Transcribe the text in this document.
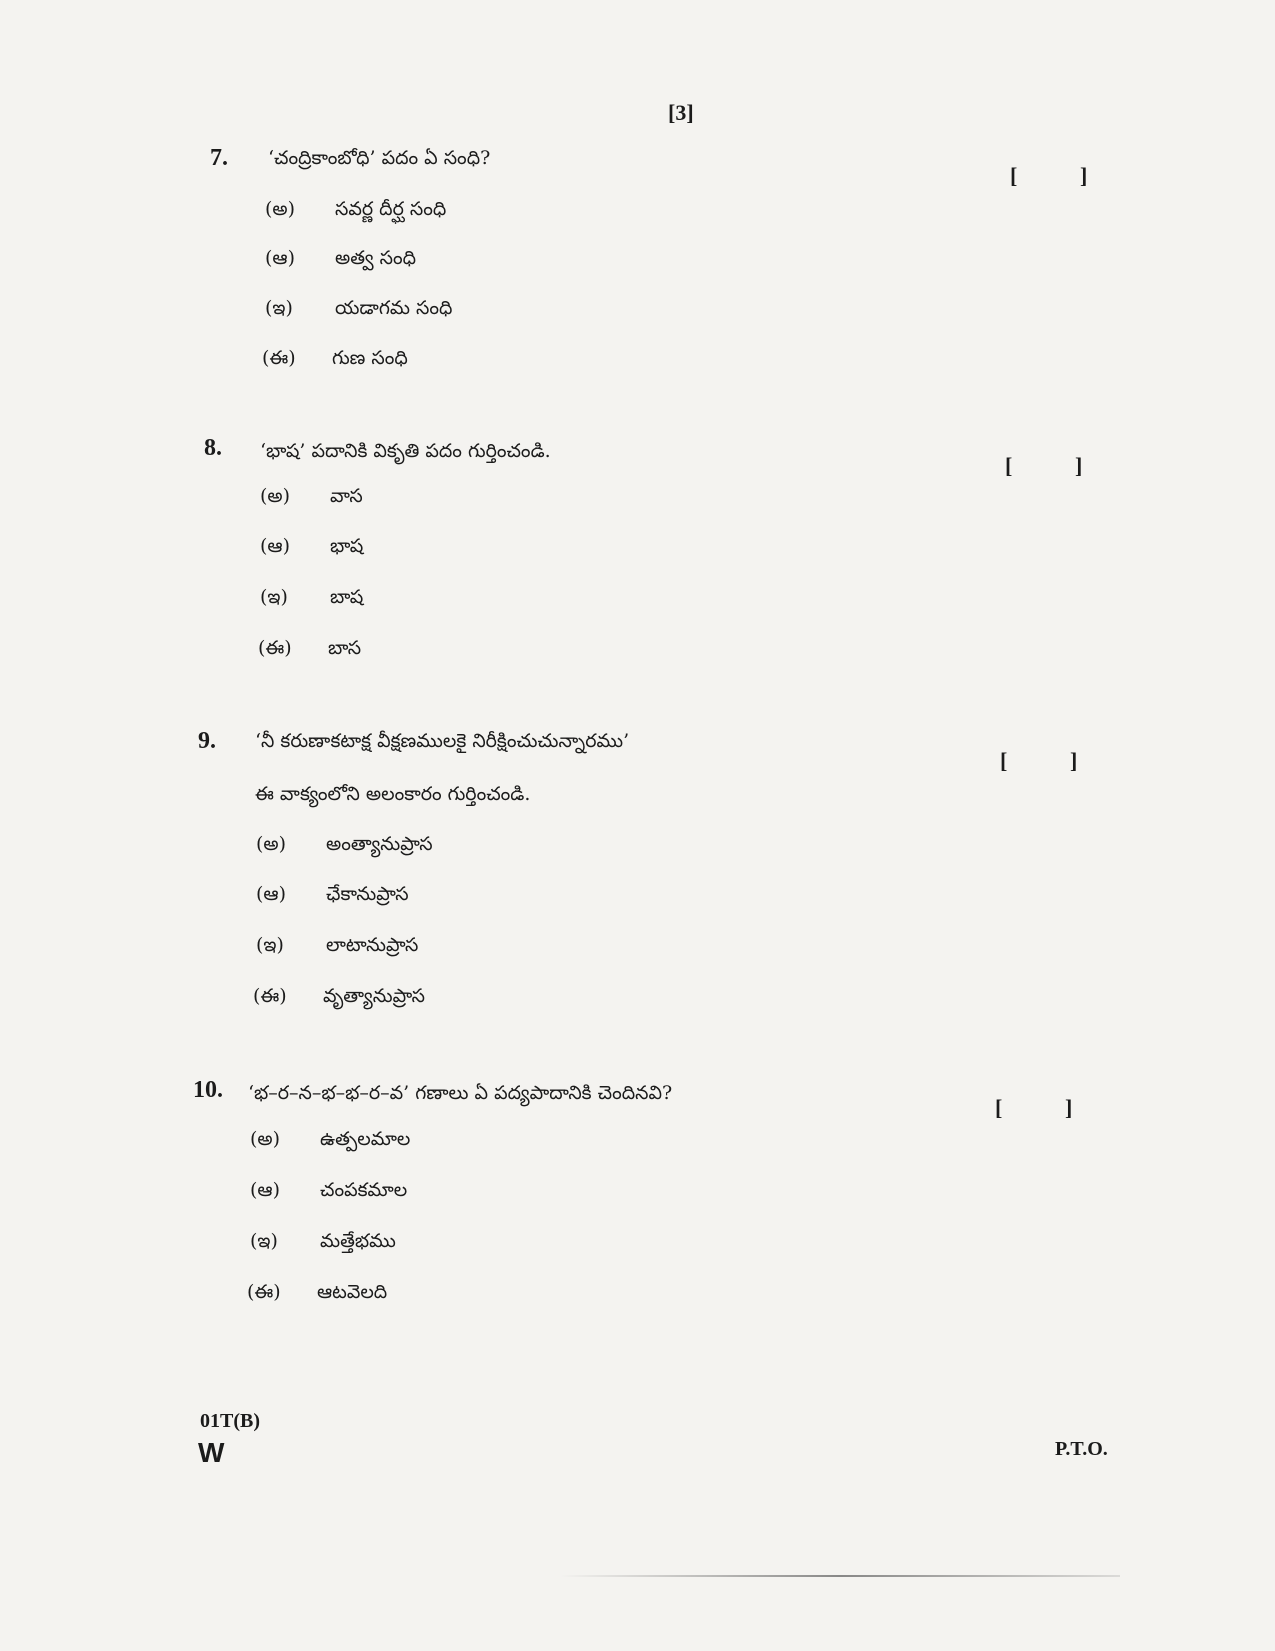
[3]
7. ‘చంద్రికాంబోధి’ పదం ఏ సంధి?
[	]
(అ) సవర్ణ దీర్ఘ సంధి
(ఆ) అత్వ సంధి
(ఇ) యడాగమ సంధి
(ఈ) గుణ సంధి
8. ‘భాష’ పదానికి వికృతి పదం గుర్తించండి.
[	]
(అ) వాస
(ఆ) భాష
(ఇ) బాష
(ఈ) బాస
9. ‘నీ కరుణాకటాక్ష వీక్షణములకై నిరీక్షించుచున్నారము’
ఈ వాక్యంలోని అలంకారం గుర్తించండి.
[	]
(అ) అంత్యానుప్రాస
(ఆ) ఛేకానుప్రాస
(ఇ) లాటానుప్రాస
(ఈ) వృత్యానుప్రాస
10. ‘భ–ర–న–భ–భ–ర–వ’ గణాలు ఏ పద్యపాదానికి చెందినవి?
[	]
(అ) ఉత్పలమాల
(ఆ) చంపకమాల
(ఇ) మత్తేభము
(ఈ) ఆటవెలది
01T(B)
W	P.T.O.
